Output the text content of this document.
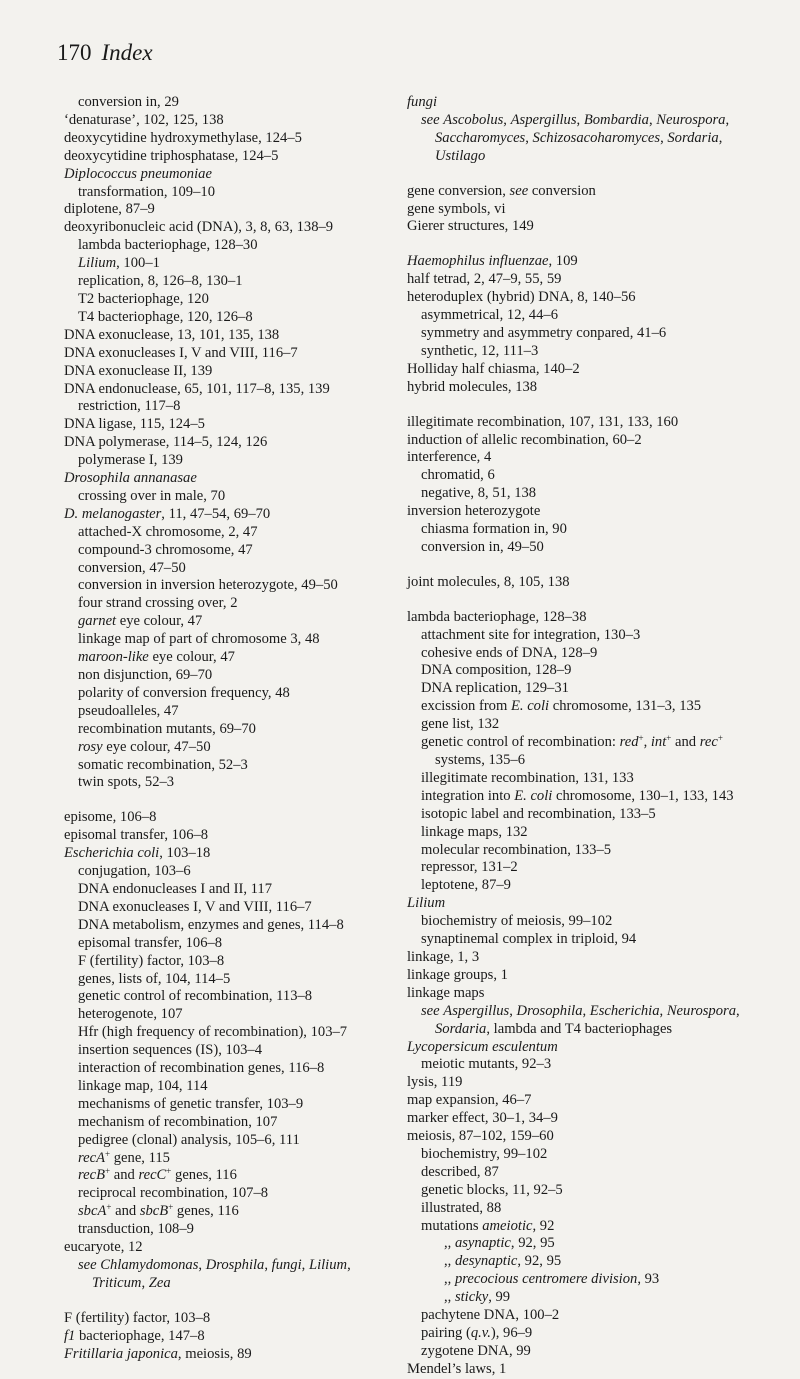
170 Index
conversion in, 29
‘denaturase’, 102, 125, 138
deoxycytidine hydroxymethylase, 124–5
deoxycytidine triphosphatase, 124–5
Diplococcus pneumoniae
transformation, 109–10
diplotene, 87–9
deoxyribonucleic acid (DNA), 3, 8, 63, 138–9
lambda bacteriophage, 128–30
Lilium, 100–1
replication, 8, 126–8, 130–1
T2 bacteriophage, 120
T4 bacteriophage, 120, 126–8
DNA exonuclease, 13, 101, 135, 138
DNA exonucleases I, V and VIII, 116–7
DNA exonuclease II, 139
DNA endonuclease, 65, 101, 117–8, 135, 139
restriction, 117–8
DNA ligase, 115, 124–5
DNA polymerase, 114–5, 124, 126
polymerase I, 139
Drosophila annanasae
crossing over in male, 70
D. melanogaster, 11, 47–54, 69–70
attached-X chromosome, 2, 47
compound-3 chromosome, 47
conversion, 47–50
conversion in inversion heterozygote, 49–50
four strand crossing over, 2
garnet eye colour, 47
linkage map of part of chromosome 3, 48
maroon-like eye colour, 47
non disjunction, 69–70
polarity of conversion frequency, 48
pseudoalleles, 47
recombination mutants, 69–70
rosy eye colour, 47–50
somatic recombination, 52–3
twin spots, 52–3
episome, 106–8
episomal transfer, 106–8
Escherichia coli, 103–18
conjugation, 103–6
DNA endonucleases I and II, 117
DNA exonucleases I, V and VIII, 116–7
DNA metabolism, enzymes and genes, 114–8
episomal transfer, 106–8
F (fertility) factor, 103–8
genes, lists of, 104, 114–5
genetic control of recombination, 113–8
heterogenote, 107
Hfr (high frequency of recombination), 103–7
insertion sequences (IS), 103–4
interaction of recombination genes, 116–8
linkage map, 104, 114
mechanisms of genetic transfer, 103–9
mechanism of recombination, 107
pedigree (clonal) analysis, 105–6, 111
recA+ gene, 115
recB+ and recC+ genes, 116
reciprocal recombination, 107–8
sbcA+ and sbcB+ genes, 116
transduction, 108–9
eucaryote, 12
see Chlamydomonas, Drosphila, fungi, Lilium, Triticum, Zea
F (fertility) factor, 103–8
f1 bacteriophage, 147–8
Fritillaria japonica, meiosis, 89
fungi
see Ascobolus, Aspergillus, Bombardia, Neurospora, Saccharomyces, Schizosacoharomyces, Sordaria, Ustilago
gene conversion, see conversion
gene symbols, vi
Gierer structures, 149
Haemophilus influenzae, 109
half tetrad, 2, 47–9, 55, 59
heteroduplex (hybrid) DNA, 8, 140–56
asymmetrical, 12, 44–6
symmetry and asymmetry conpared, 41–6
synthetic, 12, 111–3
Holliday half chiasma, 140–2
hybrid molecules, 138
illegitimate recombination, 107, 131, 133, 160
induction of allelic recombination, 60–2
interference, 4
chromatid, 6
negative, 8, 51, 138
inversion heterozygote
chiasma formation in, 90
conversion in, 49–50
joint molecules, 8, 105, 138
lambda bacteriophage, 128–38
attachment site for integration, 130–3
cohesive ends of DNA, 128–9
DNA composition, 128–9
DNA replication, 129–31
excission from E. coli chromosome, 131–3, 135
gene list, 132
genetic control of recombination: red+, int+ and rec+ systems, 135–6
illegitimate recombination, 131, 133
integration into E. coli chromosome, 130–1, 133, 143
isotopic label and recombination, 133–5
linkage maps, 132
molecular recombination, 133–5
repressor, 131–2
leptotene, 87–9
Lilium
biochemistry of meiosis, 99–102
synaptinemal complex in triploid, 94
linkage, 1, 3
linkage groups, 1
linkage maps
see Aspergillus, Drosophila, Escherichia, Neurospora, Sordaria, lambda and T4 bacteriophages
Lycopersicum esculentum
meiotic mutants, 92–3
lysis, 119
map expansion, 46–7
marker effect, 30–1, 34–9
meiosis, 87–102, 159–60
biochemistry, 99–102
described, 87
genetic blocks, 11, 92–5
illustrated, 88
mutations ameiotic, 92
,, asynaptic, 92, 95
,, desynaptic, 92, 95
,, precocious centromere division, 93
,, sticky, 99
pachytene DNA, 100–2
pairing (q.v.), 96–9
zygotene DNA, 99
Mendel’s laws, 1
